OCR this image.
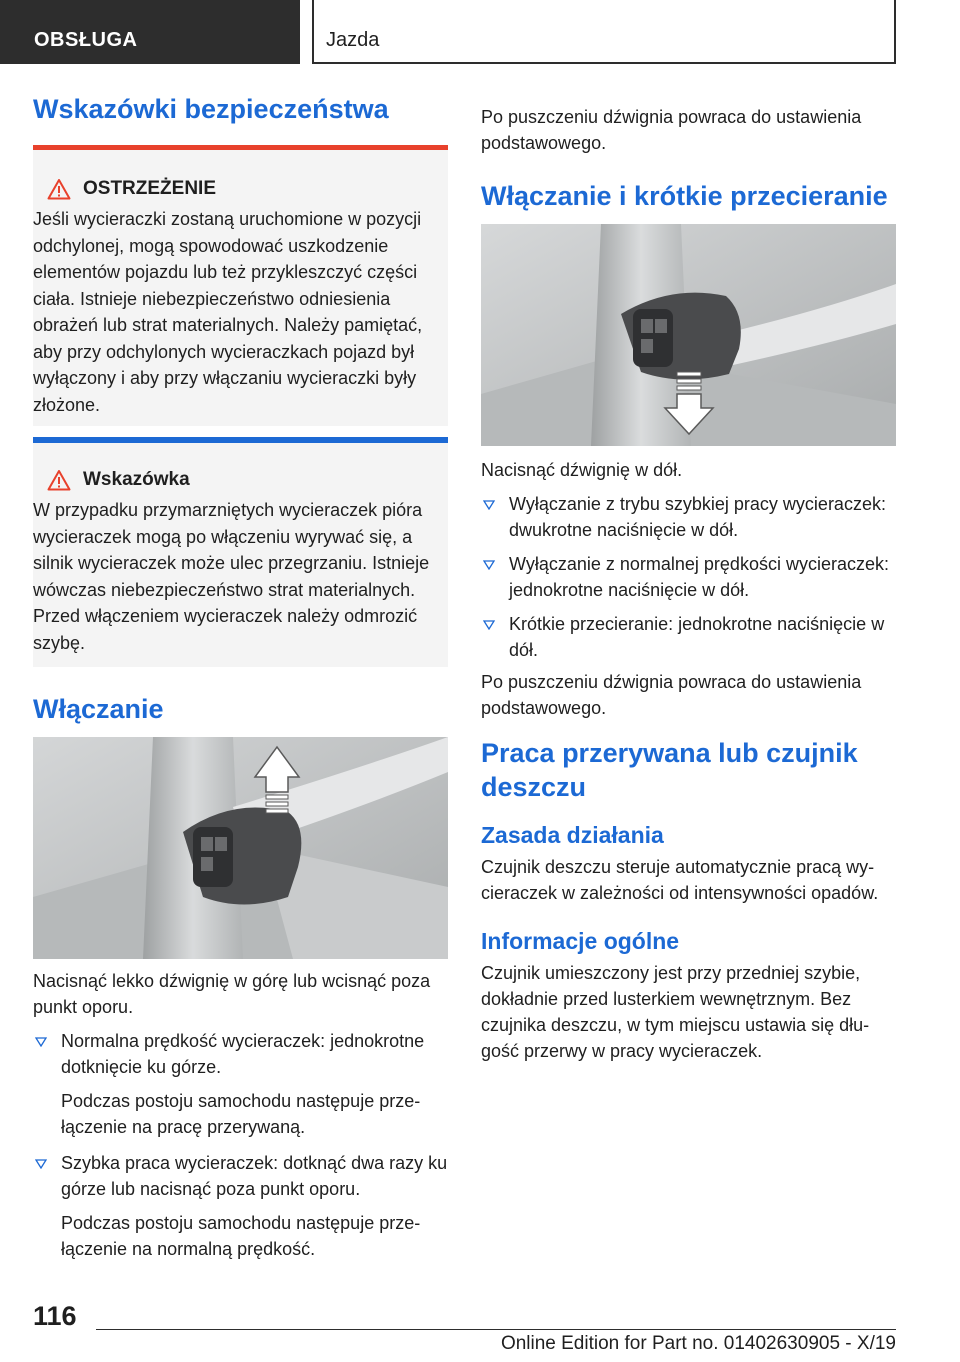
OBSŁUGA	Jazda
Wskazówki bezpieczeństwa
OSTRZEŻENIE
Jeśli wycieraczki zostaną uruchomione w pozycji odchylonej, mogą spowodować uszkodzenie elementów pojazdu lub też przykleszczyć części ciała. Istnieje niebezpieczeństwo odniesienia obrażeń lub strat materialnych. Należy pamiętać, aby przy odchylonych wycieraczkach pojazd był wyłączony i aby przy włączaniu wycieraczki były złożone.
Wskazówka
W przypadku przymarzniętych wycieraczek pióra wycieraczek mogą po włączeniu wyrywać się, a silnik wycieraczek może ulec przegrzaniu. Istnieje wówczas niebezpieczeństwo strat materialnych. Przed włączeniem wycieraczek należy odmrozić szybę.
Włączanie

Nacisnąć lekko dźwignię w górę lub wcisnąć poza punkt oporu.

Normalna prędkość wycieraczek: jednokrotne dotknięcie ku górze.
Podczas postoju samochodu następuje przełączenie na pracę przerywaną.
Szybka praca wycieraczek: dotknąć dwa razy ku górze lub nacisnąć poza punkt oporu.
Podczas postoju samochodu następuje przełączenie na normalną prędkość.

Po puszczeniu dźwignia powraca do ustawienia podstawowego.

Włączanie i krótkie przecieranie

Nacisnąć dźwignię w dół.

Wyłączanie z trybu szybkiej pracy wycieraczek: dwukrotne naciśnięcie w dół.
Wyłączanie z normalnej prędkości wycieraczek: jednokrotne naciśnięcie w dół.
Krótkie przecieranie: jednokrotne naciśnięcie w dół.

Po puszczeniu dźwignia powraca do ustawienia podstawowego.

Praca przerywana lub czujnik deszczu
Zasada działania

Czujnik deszczu steruje automatycznie pracą wycieraczek w zależności od intensywności opadów.

Informacje ogólne

Czujnik umieszczony jest przy przedniej szybie, dokładnie przed lusterkiem wewnętrznym. Bez czujnika deszczu, w tym miejscu ustawia się długość przerwy w pracy wycieraczek.

116
Online Edition for Part no. 01402630905 - X/19
